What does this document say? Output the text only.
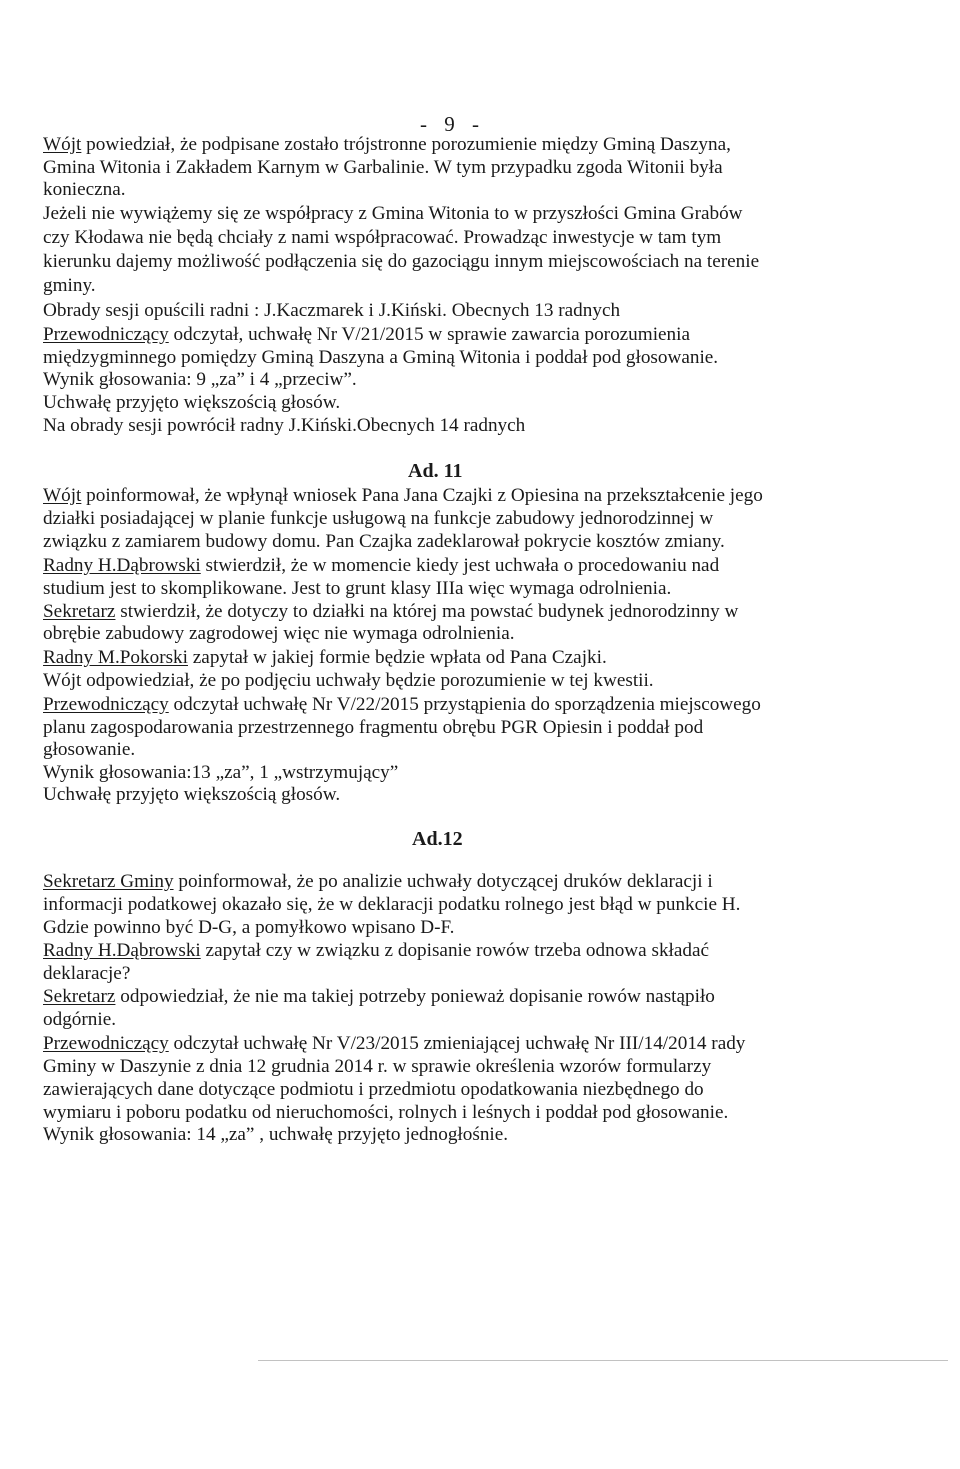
- 9 -
Ad. 11
Ad.12
Wójt powiedział, że podpisane zostało trójstronne porozumienie między Gminą Daszyna,
Gmina Witonia i Zakładem Karnym w Garbalinie. W tym przypadku zgoda Witonii była
konieczna.
Jeżeli nie wywiążemy się ze współpracy z Gmina Witonia to w przyszłości Gmina Grabów
czy Kłodawa nie będą chciały z nami współpracować. Prowadząc inwestycje w tam tym
kierunku dajemy możliwość podłączenia się do gazociągu innym miejscowościach na terenie
gminy.
Obrady sesji opuścili radni : J.Kaczmarek i J.Kiński. Obecnych 13 radnych
Przewodniczący odczytał, uchwałę Nr V/21/2015 w sprawie zawarcia porozumienia
międzygminnego pomiędzy Gminą Daszyna a Gminą Witonia i poddał pod głosowanie.
Wynik głosowania: 9 „za” i 4 „przeciw”.
Uchwałę przyjęto większością głosów.
Na obrady sesji powrócił radny J.Kiński.Obecnych 14 radnych
Wójt poinformował, że wpłynął wniosek Pana Jana Czajki z Opiesina na przekształcenie jego
działki posiadającej w planie funkcje usługową na funkcje zabudowy jednorodzinnej w
związku z zamiarem budowy domu. Pan Czajka zadeklarował pokrycie kosztów zmiany.
Radny H.Dąbrowski stwierdził, że w momencie kiedy jest uchwała o procedowaniu nad
studium jest to skomplikowane. Jest to grunt klasy IIIa więc wymaga odrolnienia.
Sekretarz stwierdził, że dotyczy to działki na której ma powstać budynek jednorodzinny w
obrębie zabudowy zagrodowej więc nie wymaga odrolnienia.
Radny M.Pokorski zapytał w jakiej formie będzie wpłata od Pana Czajki.
Wójt odpowiedział, że po podjęciu uchwały będzie porozumienie w tej kwestii.
Przewodniczący odczytał uchwałę Nr V/22/2015 przystąpienia do sporządzenia miejscowego
planu zagospodarowania przestrzennego fragmentu obrębu PGR Opiesin i poddał pod
głosowanie.
Wynik głosowania:13 „za”, 1 „wstrzymujący”
Uchwałę przyjęto większością głosów.
Sekretarz Gminy poinformował, że po analizie uchwały dotyczącej druków deklaracji i
informacji podatkowej okazało się, że w deklaracji podatku rolnego jest błąd w punkcie H.
Gdzie powinno być D-G, a pomyłkowo wpisano D-F.
Radny H.Dąbrowski zapytał czy w związku z dopisanie rowów trzeba odnowa składać
deklaracje?
Sekretarz odpowiedział, że nie ma takiej potrzeby ponieważ dopisanie rowów nastąpiło
odgórnie.
Przewodniczący odczytał uchwałę Nr V/23/2015 zmieniającej uchwałę Nr III/14/2014 rady
Gminy w Daszynie z dnia 12 grudnia 2014 r. w sprawie określenia wzorów formularzy
zawierających dane dotyczące podmiotu i przedmiotu opodatkowania niezbędnego do
wymiaru i poboru podatku od nieruchomości, rolnych i leśnych i poddał pod głosowanie.
Wynik głosowania: 14 „za” , uchwałę przyjęto jednogłośnie.
